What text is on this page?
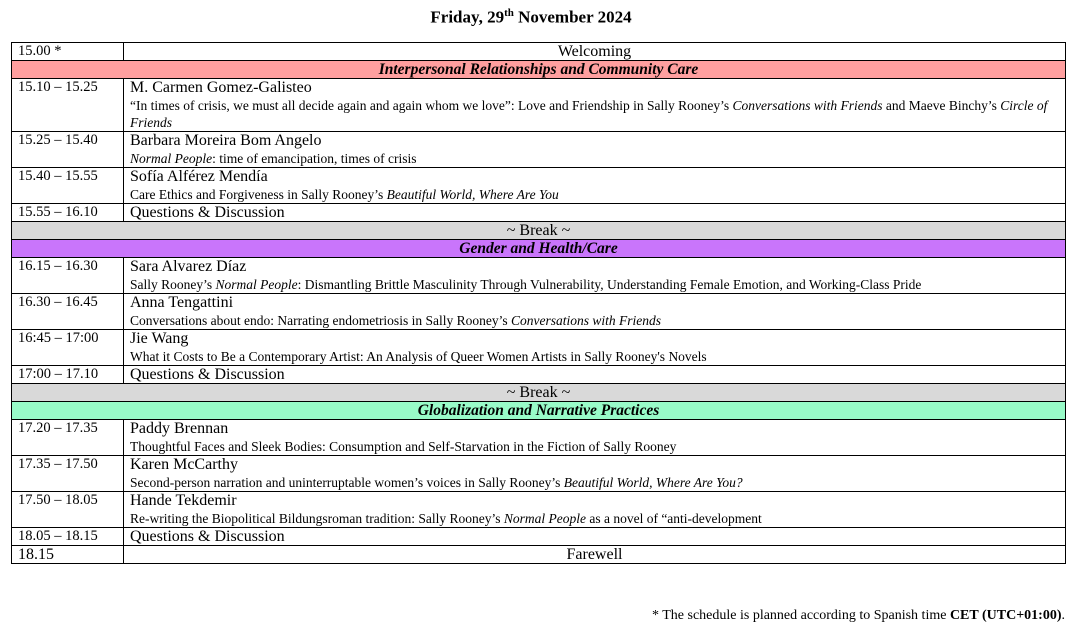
Friday, 29th November 2024
15.00 *	Welcoming
Interpersonal Relationships and Community Care	
15.10 – 15.25	M. Carmen Gomez-Galisteo
“In times of crisis, we must all decide again and again whom we love”: Love and Friendship in Sally Rooney’s Conversations with Friends and Maeve Binchy’s Circle of Friends

15.25 – 15.40	Barbara Moreira Bom Angelo
Normal People: time of emancipation, times of crisis

15.40 – 15.55	Sofía Alférez Mendía
Care Ethics and Forgiveness in Sally Rooney’s Beautiful World, Where Are You

15.55 – 16.10	Questions & Discussion
~ Break ~	
Gender and Health/Care	
16.15 – 16.30	Sara Alvarez Díaz
Sally Rooney’s Normal People: Dismantling Brittle Masculinity Through Vulnerability, Understanding Female Emotion, and Working-Class Pride

16.30 – 16.45	Anna Tengattini
Conversations about endo: Narrating endometriosis in Sally Rooney’s Conversations with Friends

16:45 – 17:00	Jie Wang
What it Costs to Be a Contemporary Artist: An Analysis of Queer Women Artists in Sally Rooney's Novels

17:00 – 17.10	Questions & Discussion
~ Break ~	
Globalization and Narrative Practices	
17.20 – 17.35	Paddy Brennan
Thoughtful Faces and Sleek Bodies: Consumption and Self-Starvation in the Fiction of Sally Rooney

17.35 – 17.50	Karen McCarthy
Second-person narration and uninterruptable women’s voices in Sally Rooney’s Beautiful World, Where Are You?

17.50 – 18.05	Hande Tekdemir
Re-writing the Biopolitical Bildungsroman tradition: Sally Rooney’s Normal People as a novel of “anti-development

18.05 – 18.15	Questions & Discussion
18.15	Farewell
* The schedule is planned according to Spanish time CET (UTC+01:00).
